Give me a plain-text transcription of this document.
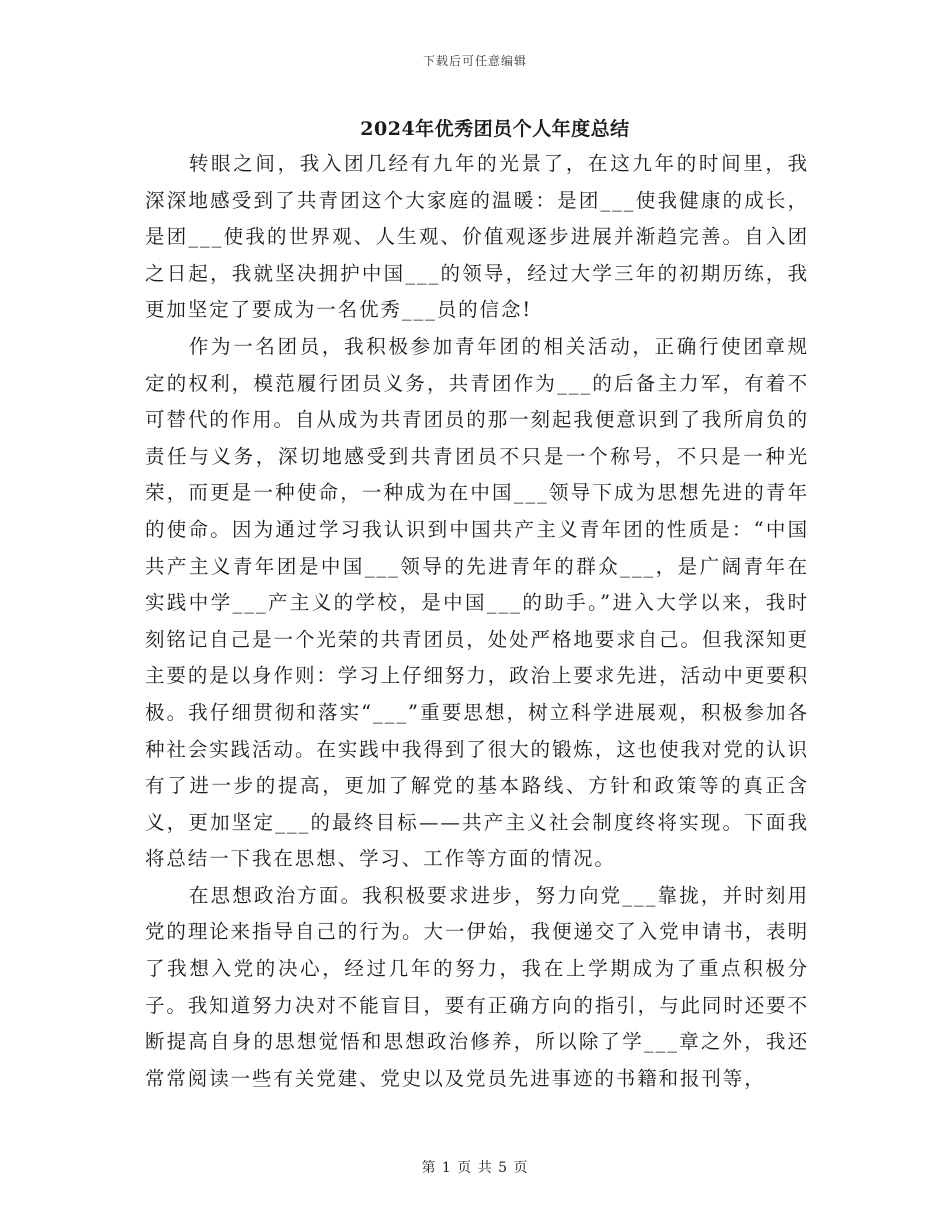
下载后可任意编辑
2024年优秀团员个人年度总结

转眼之间，我入团几经有九年的光景了，在这九年的时间里，我深深地感受到了共青团这个大家庭的温暖：是团___使我健康的成长，是团___使我的世界观、人生观、价值观逐步进展并渐趋完善。自入团之日起，我就坚决拥护中国___的领导，经过大学三年的初期历练，我更加坚定了要成为一名优秀___员的信念!

作为一名团员，我积极参加青年团的相关活动，正确行使团章规定的权利，模范履行团员义务，共青团作为___的后备主力军，有着不可替代的作用。自从成为共青团员的那一刻起我便意识到了我所肩负的责任与义务，深切地感受到共青团员不只是一个称号，不只是一种光荣，而更是一种使命，一种成为在中国___领导下成为思想先进的青年的使命。因为通过学习我认识到中国共产主义青年团的性质是：“中国共产主义青年团是中国___领导的先进青年的群众___，是广阔青年在实践中学___产主义的学校，是中国___的助手。”进入大学以来，我时刻铭记自己是一个光荣的共青团员，处处严格地要求自己。但我深知更主要的是以身作则：学习上仔细努力，政治上要求先进，活动中更要积极。我仔细贯彻和落实“___”重要思想，树立科学进展观，积极参加各种社会实践活动。在实践中我得到了很大的锻炼，这也使我对党的认识有了进一步的提高，更加了解党的基本路线、方针和政策等的真正含义，更加坚定___的最终目标——共产主义社会制度终将实现。下面我将总结一下我在思想、学习、工作等方面的情况。

在思想政治方面。我积极要求进步，努力向党___靠拢，并时刻用党的理论来指导自己的行为。大一伊始，我便递交了入党申请书，表明了我想入党的决心，经过几年的努力，我在上学期成为了重点积极分子。我知道努力决对不能盲目，要有正确方向的指引，与此同时还要不断提高自身的思想觉悟和思想政治修养，所以除了学___章之外，我还常常阅读一些有关党建、党史以及党员先进事迹的书籍和报刊等，

第 1 页 共 5 页
